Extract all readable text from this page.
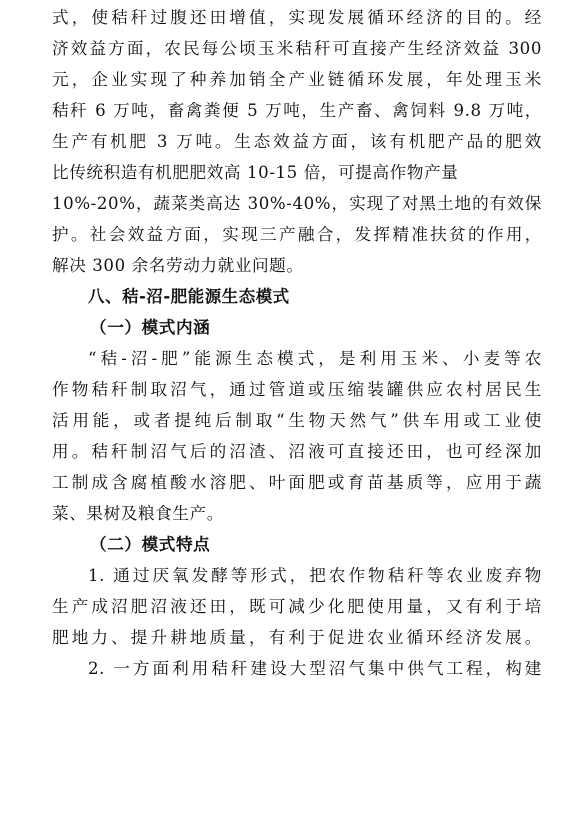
式，使秸秆过腹还田增值，实现发展循环经济的目的。经
济效益方面，农民每公顷玉米秸秆可直接产生经济效益 300
元，企业实现了种养加销全产业链循环发展，年处理玉米
秸秆 6 万吨，畜禽粪便 5 万吨，生产畜、禽饲料 9.8 万吨，
生产有机肥 3 万吨。生态效益方面，该有机肥产品的肥效
比传统积造有机肥肥效高 10-15 倍，可提高作物产量
10%-20%，蔬菜类高达 30%-40%，实现了对黑土地的有效保
护。社会效益方面，实现三产融合，发挥精准扶贫的作用，
解决 300 余名劳动力就业问题。
八、秸-沼-肥能源生态模式
（一）模式内涵
“秸-沼-肥”能源生态模式，是利用玉米、小麦等农
作物秸秆制取沼气，通过管道或压缩装罐供应农村居民生
活用能，或者提纯后制取“生物天然气”供车用或工业使
用。秸秆制沼气后的沼渣、沼液可直接还田，也可经深加
工制成含腐植酸水溶肥、叶面肥或育苗基质等，应用于蔬
菜、果树及粮食生产。
（二）模式特点
1. 通过厌氧发酵等形式，把农作物秸秆等农业废弃物
生产成沼肥沼液还田，既可减少化肥使用量，又有利于培
肥地力、提升耕地质量，有利于促进农业循环经济发展。
2. 一方面利用秸秆建设大型沼气集中供气工程，构建
